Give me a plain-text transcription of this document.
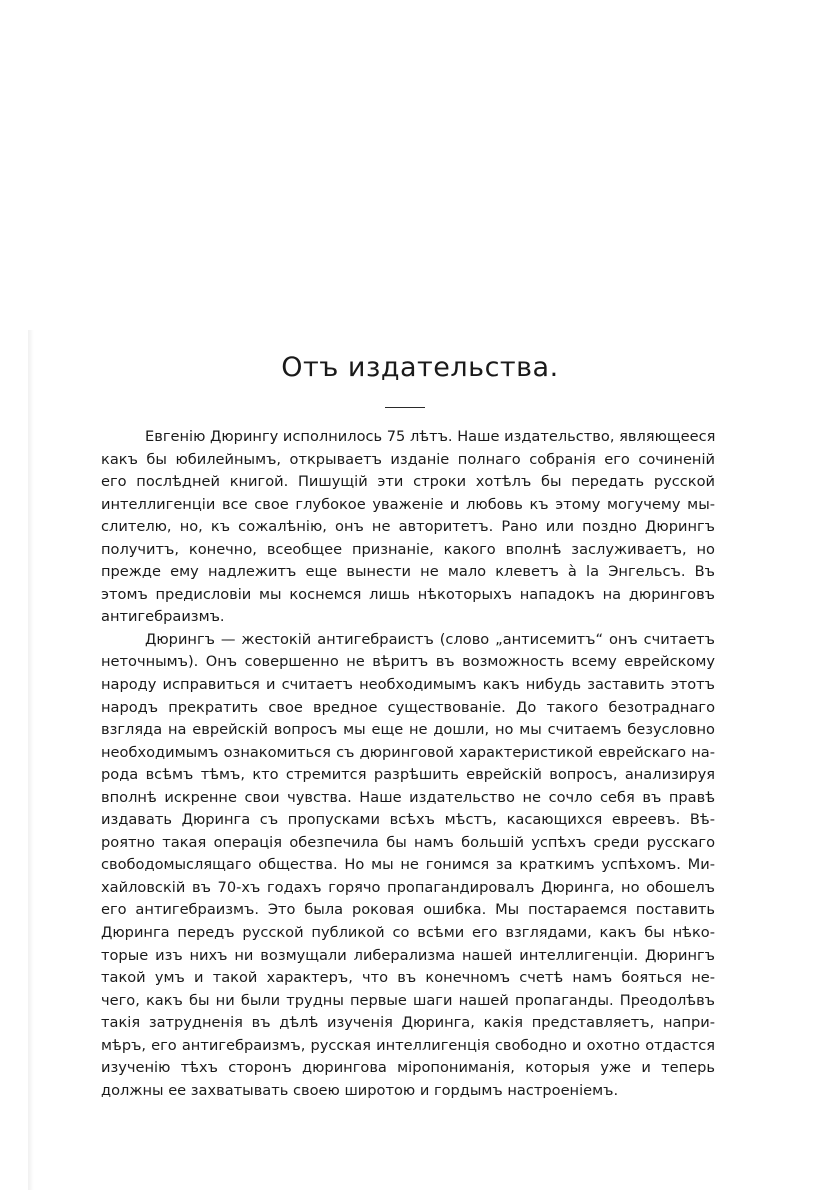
Отъ издательства.
Евгенію Дюрингу исполнилось 75 лѣтъ. Наше издательство, являющееся
какъ бы юбилейнымъ, открываетъ изданіе полнаго собранія его сочиненій
его послѣдней книгой. Пишущій эти строки хотѣлъ бы передать русской
интеллигенціи все свое глубокое уваженіе и любовь къ этому могучему мы-
слителю, но, къ сожалѣнію, онъ не авторитетъ. Рано или поздно Дюрингъ
получитъ, конечно, всеобщее признаніе, какого вполнѣ заслуживаетъ, но
прежде ему надлежитъ еще вынести не мало клеветъ à la Энгельсъ. Въ
этомъ предисловіи мы коснемся лишь нѣкоторыхъ нападокъ на дюринговъ
антигебраизмъ.
Дюрингъ — жестокій антигебраистъ (слово „антисемитъ“ онъ считаетъ
неточнымъ). Онъ совершенно не вѣритъ въ возможность всему еврейскому
народу исправиться и считаетъ необходимымъ какъ нибудь заставить этотъ
народъ прекратить свое вредное существованіе. До такого безотраднаго
взгляда на еврейскій вопросъ мы еще не дошли, но мы считаемъ безусловно
необходимымъ ознакомиться съ дюринговой характеристикой еврейскаго на-
рода всѣмъ тѣмъ, кто стремится разрѣшить еврейскій вопросъ, анализируя
вполнѣ искренне свои чувства. Наше издательство не сочло себя въ правѣ
издавать Дюринга съ пропусками всѣхъ мѣстъ, касающихся евреевъ. Вѣ-
роятно такая операція обезпечила бы намъ большій успѣхъ среди русскаго
свободомыслящаго общества. Но мы не гонимся за краткимъ успѣхомъ. Ми-
хайловскій въ 70-хъ годахъ горячо пропагандировалъ Дюринга, но обошелъ
его антигебраизмъ. Это была роковая ошибка. Мы постараемся поставить
Дюринга передъ русской публикой со всѣми его взглядами, какъ бы нѣко-
торые изъ нихъ ни возмущали либерализма нашей интеллигенціи. Дюрингъ
такой умъ и такой характеръ, что въ конечномъ счетѣ намъ бояться не-
чего, какъ бы ни были трудны первые шаги нашей пропаганды. Преодолѣвъ
такія затрудненія въ дѣлѣ изученія Дюринга, какія представляетъ, напри-
мѣръ, его антигебраизмъ, русская интеллигенція свободно и охотно отдастся
изученію тѣхъ сторонъ дюрингова міропониманія, которыя уже и теперь
должны ее захватывать своею широтою и гордымъ настроеніемъ.
